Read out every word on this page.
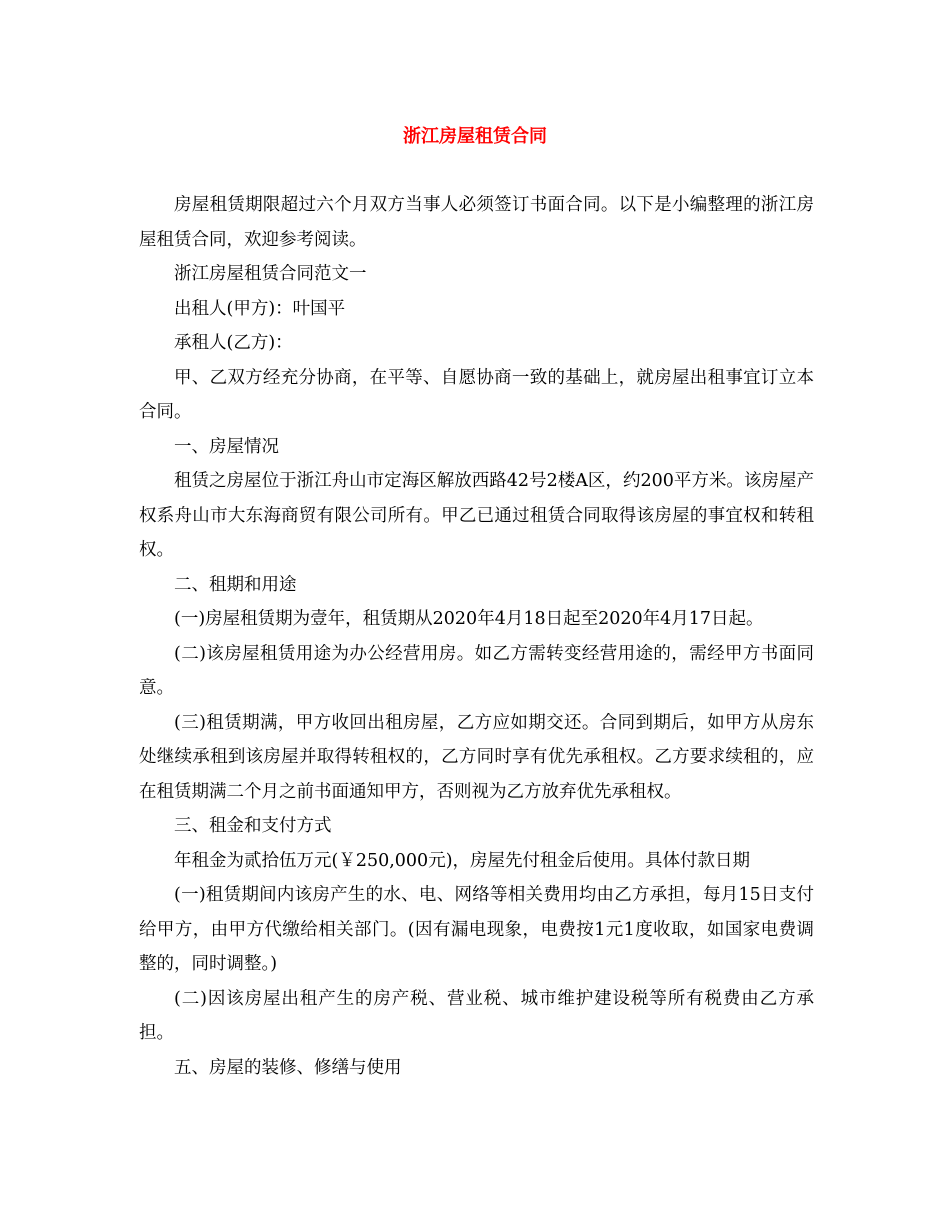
浙江房屋租赁合同

房屋租赁期限超过六个月双方当事人必须签订书面合同。以下是小编整理的浙江房屋租赁合同，欢迎参考阅读。

浙江房屋租赁合同范文一

出租人(甲方)：叶国平

承租人(乙方)：

甲、乙双方经充分协商，在平等、自愿协商一致的基础上，就房屋出租事宜订立本合同。

一、房屋情况

租赁之房屋位于浙江舟山市定海区解放西路42号2楼A区，约200平方米。该房屋产权系舟山市大东海商贸有限公司所有。甲乙已通过租赁合同取得该房屋的事宜权和转租权。

二、租期和用途

(一)房屋租赁期为壹年，租赁期从2020年4月18日起至2020年4月17日起。

(二)该房屋租赁用途为办公经营用房。如乙方需转变经营用途的，需经甲方书面同意。

(三)租赁期满，甲方收回出租房屋，乙方应如期交还。合同到期后，如甲方从房东处继续承租到该房屋并取得转租权的，乙方同时享有优先承租权。乙方要求续租的，应在租赁期满二个月之前书面通知甲方，否则视为乙方放弃优先承租权。

三、租金和支付方式

年租金为贰拾伍万元(￥250,000元)，房屋先付租金后使用。具体付款日期

(一)租赁期间内该房产生的水、电、网络等相关费用均由乙方承担，每月15日支付给甲方，由甲方代缴给相关部门。(因有漏电现象，电费按1元1度收取，如国家电费调整的，同时调整。)

(二)因该房屋出租产生的房产税、营业税、城市维护建设税等所有税费由乙方承担。

五、房屋的装修、修缮与使用
